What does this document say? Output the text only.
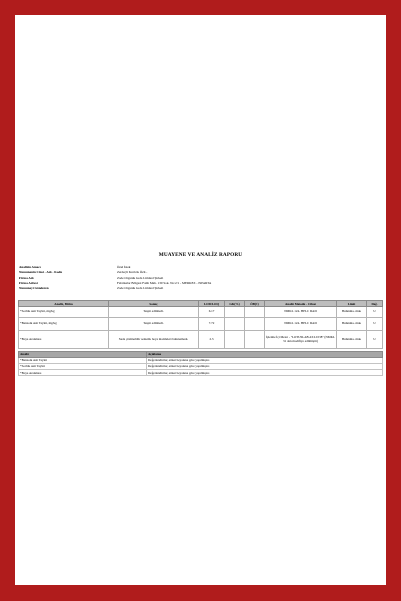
MUAYENE VE ANALİZ RAPORU
Analizin Amacı	Özel İstek
Numunenin Cinsi - Adı - Kodu	Zerdeçli Kırılcık Özü -
Firma Adı	Zade Organik Gıda Limited Şirketi
Firma Adresi	Fabrikalar Bölgesi Fatih Mah. 130 Sok. No:2/1 - MERKEZ - ISPARTA
Numuneyi Gönderen	Zade Organik Gıda Limited Şirketi
Analiz, Birim	Sonuç	LOD/LOQ	GK(%)	ÖB(±)	Analiz Metodu - Cihaz	Limit	Değ.
*Sorbik Asit Tayini, mg/kg	Tespit edilmedi.	6.17			NMKL 124- HPLC DAD	Bulunma- mak	U
*Benzoik Asit Tayini, mg/kg	Tespit edilmedi.	7.72			NMKL 124- HPLC DAD	Bulunma- mak	U
*Boya Aranması	Suda çözünebilir sentetik boya maddeleri bulunamadı.	2.3			İşletme İçi Metot - "LOTUSLAB AT.LI 038" (NMKL 31 den modifiye edilmiştir)	Bulunma- mak	U
Analiz	Açıklama
*Benzoik Asit Tayini	Değerlendirme; etiket beyanına göre yapılmıştır.
*Sorbik Asit Tayini	Değerlendirme; etiket beyanına göre yapılmıştır.
*Boya Aranması	Değerlendirme; etiket beyanına göre yapılmıştır.
